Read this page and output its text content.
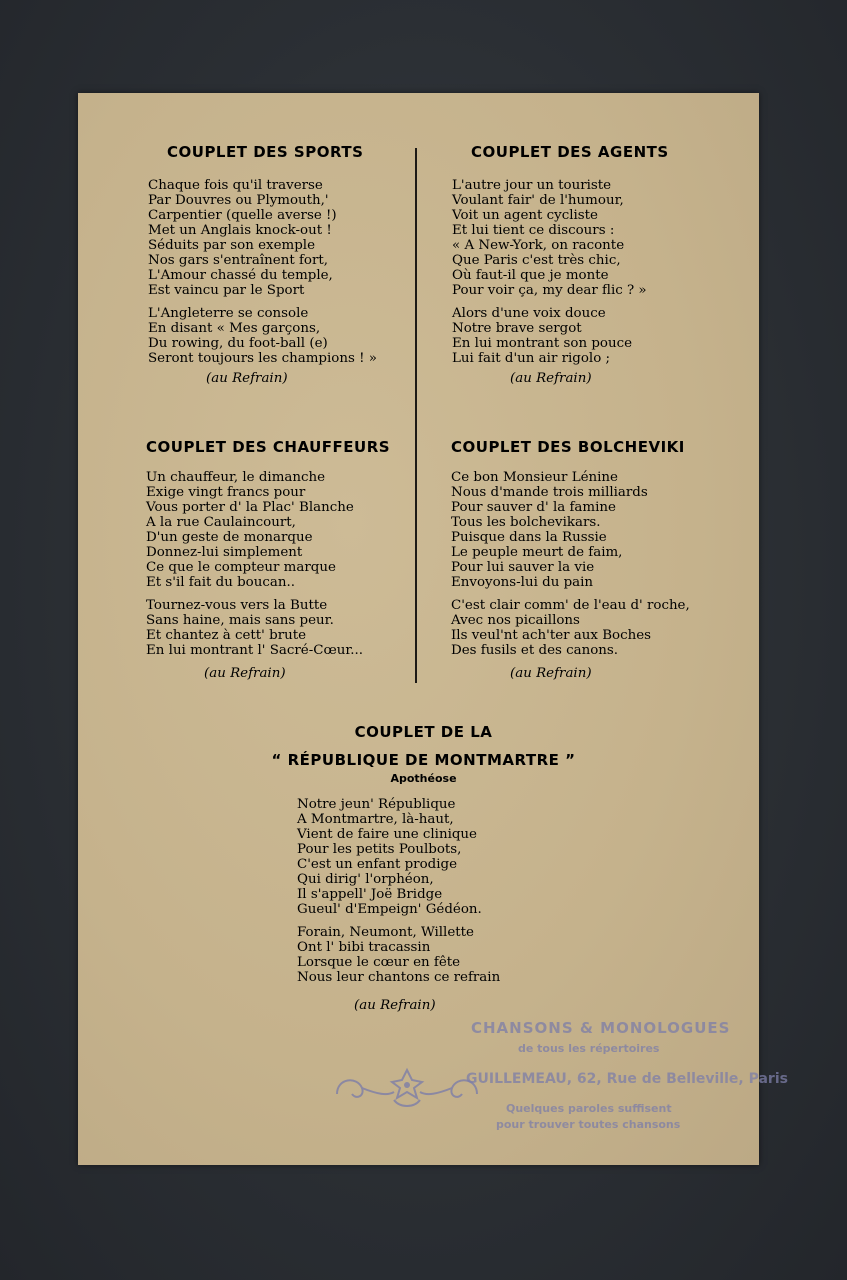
COUPLET DES SPORTS
Chaque fois qu'il traverse
Par Douvres ou Plymouth,'
Carpentier (quelle averse !)
Met un Anglais knock-out !
Séduits par son exemple
Nos gars s'entraînent fort,
L'Amour chassé du temple,
Est vaincu par le Sport
L'Angleterre se console
En disant « Mes garçons,
Du rowing, du foot-ball (e)
Seront toujours les champions ! »
(au Refrain)
COUPLET DES AGENTS
L'autre jour un touriste
Voulant fair' de l'humour,
Voit un agent cycliste
Et lui tient ce discours :
« A New-York, on raconte
Que Paris c'est très chic,
Où faut-il que je monte
Pour voir ça, my dear flic ? »
Alors d'une voix douce
Notre brave sergot
En lui montrant son pouce
Lui fait d'un air rigolo ;
(au Refrain)
COUPLET DES CHAUFFEURS
Un chauffeur, le dimanche
Exige vingt francs pour
Vous porter d' la Plac' Blanche
A la rue Caulaincourt,
D'un geste de monarque
Donnez-lui simplement
Ce que le compteur marque
Et s'il fait du boucan..
Tournez-vous vers la Butte
Sans haine, mais sans peur.
Et chantez à cett' brute
En lui montrant l' Sacré-Cœur...
(au Refrain)
COUPLET DES BOLCHEVIKI
Ce bon Monsieur Lénine
Nous d'mande trois milliards
Pour sauver d' la famine
Tous les bolchevikars.
Puisque dans la Russie
Le peuple meurt de faim,
Pour lui sauver la vie
Envoyons-lui du pain
C'est clair comm' de l'eau d' roche,
Avec nos picaillons
Ils veul'nt ach'ter aux Boches
Des fusils et des canons.
(au Refrain)
COUPLET DE LA
“ RÉPUBLIQUE DE MONTMARTRE ”
Apothéose
Notre jeun' République
A Montmartre, là-haut,
Vient de faire une clinique
Pour les petits Poulbots,
C'est un enfant prodige
Qui dirig' l'orphéon,
Il s'appell' Joë Bridge
Gueul' d'Empeign' Gédéon.
Forain, Neumont, Willette
Ont l' bibi tracassin
Lorsque le cœur en fête
Nous leur chantons ce refrain
(au Refrain)
CHANSONS & MONOLOGUES
de tous les répertoires
GUILLEMEAU, 62, Rue de Belleville, Paris
Quelques paroles suffisent
pour trouver toutes chansons
